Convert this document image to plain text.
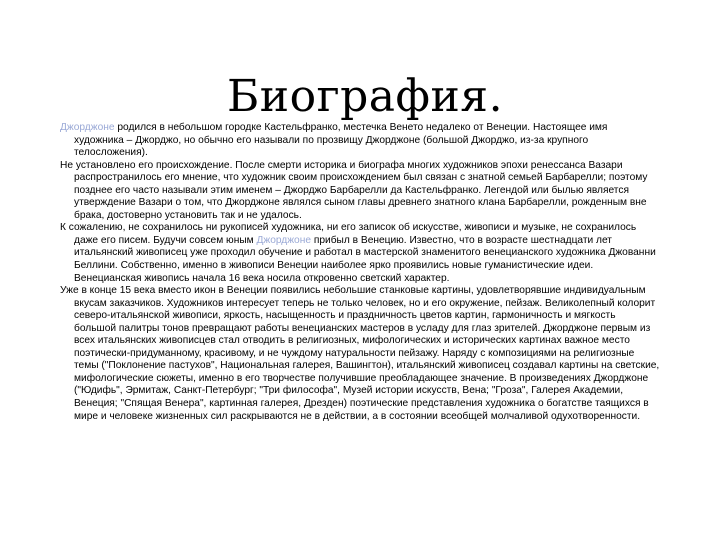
Биография.

Джорджоне родился в небольшом городке Кастельфранко, местечка Венето недалеко от Венеции. Настоящее имя художника – Джорджо, но обычно его называли по прозвищу Джорджоне (большой Джорджо, из-за крупного телосложения).

Не установлено его происхождение. После смерти историка и биографа многих художников эпохи ренессанса Вазари распространилось его мнение, что художник своим происхождением был связан с знатной семьей Барбарелли; поэтому позднее его часто называли этим именем – Джорджо Барбарелли да Кастельфранко. Легендой или былью является утверждение Вазари о том, что Джорджоне являлся сыном главы древнего знатного клана Барбарелли, рожденным вне брака, достоверно установить так и не удалось.

К сожалению, не сохранилось ни рукописей художника, ни его записок об искусстве, живописи и музыке, не сохранилось даже его писем. Будучи совсем юным Джорджоне прибыл в Венецию. Известно, что в возрасте шестнадцати лет итальянский живописец уже проходил обучение и работал в мастерской знаменитого венецианского художника Джованни Беллини. Собственно, именно в живописи Венеции наиболее ярко проявились новые гуманистические идеи. Венецианская живопись начала 16 века носила откровенно светский характер.

Уже в конце 15 века вместо икон в Венеции появились небольшие станковые картины, удовлетворявшие индивидуальным вкусам заказчиков. Художников интересует теперь не только человек, но и его окружение, пейзаж. Великолепный колорит северо-итальянской живописи, яркость, насыщенность и праздничность цветов картин, гармоничность и мягкость большой палитры тонов превращают работы венецианских мастеров в усладу для глаз зрителей. Джорджоне первым из всех итальянских живописцев стал отводить в религиозных, мифологических и исторических картинах важное место поэтически-придуманному, красивому, и не чуждому натуральности пейзажу. Наряду с композициями на религиозные темы ("Поклонение пастухов", Национальная галерея, Вашингтон), итальянский живописец создавал картины на светские, мифологические сюжеты, именно в его творчестве получившие преобладающее значение. В произведениях Джорджоне ("Юдифь", Эрмитаж, Санкт-Петербург; "Три философа", Музей истории искусств, Вена; "Гроза", Галерея Академии, Венеция; "Спящая Венера", картинная галерея, Дрезден) поэтические представления художника о богатстве таящихся в мире и человеке жизненных сил раскрываются не в действии, а в состоянии всеобщей молчаливой одухотворенности.
